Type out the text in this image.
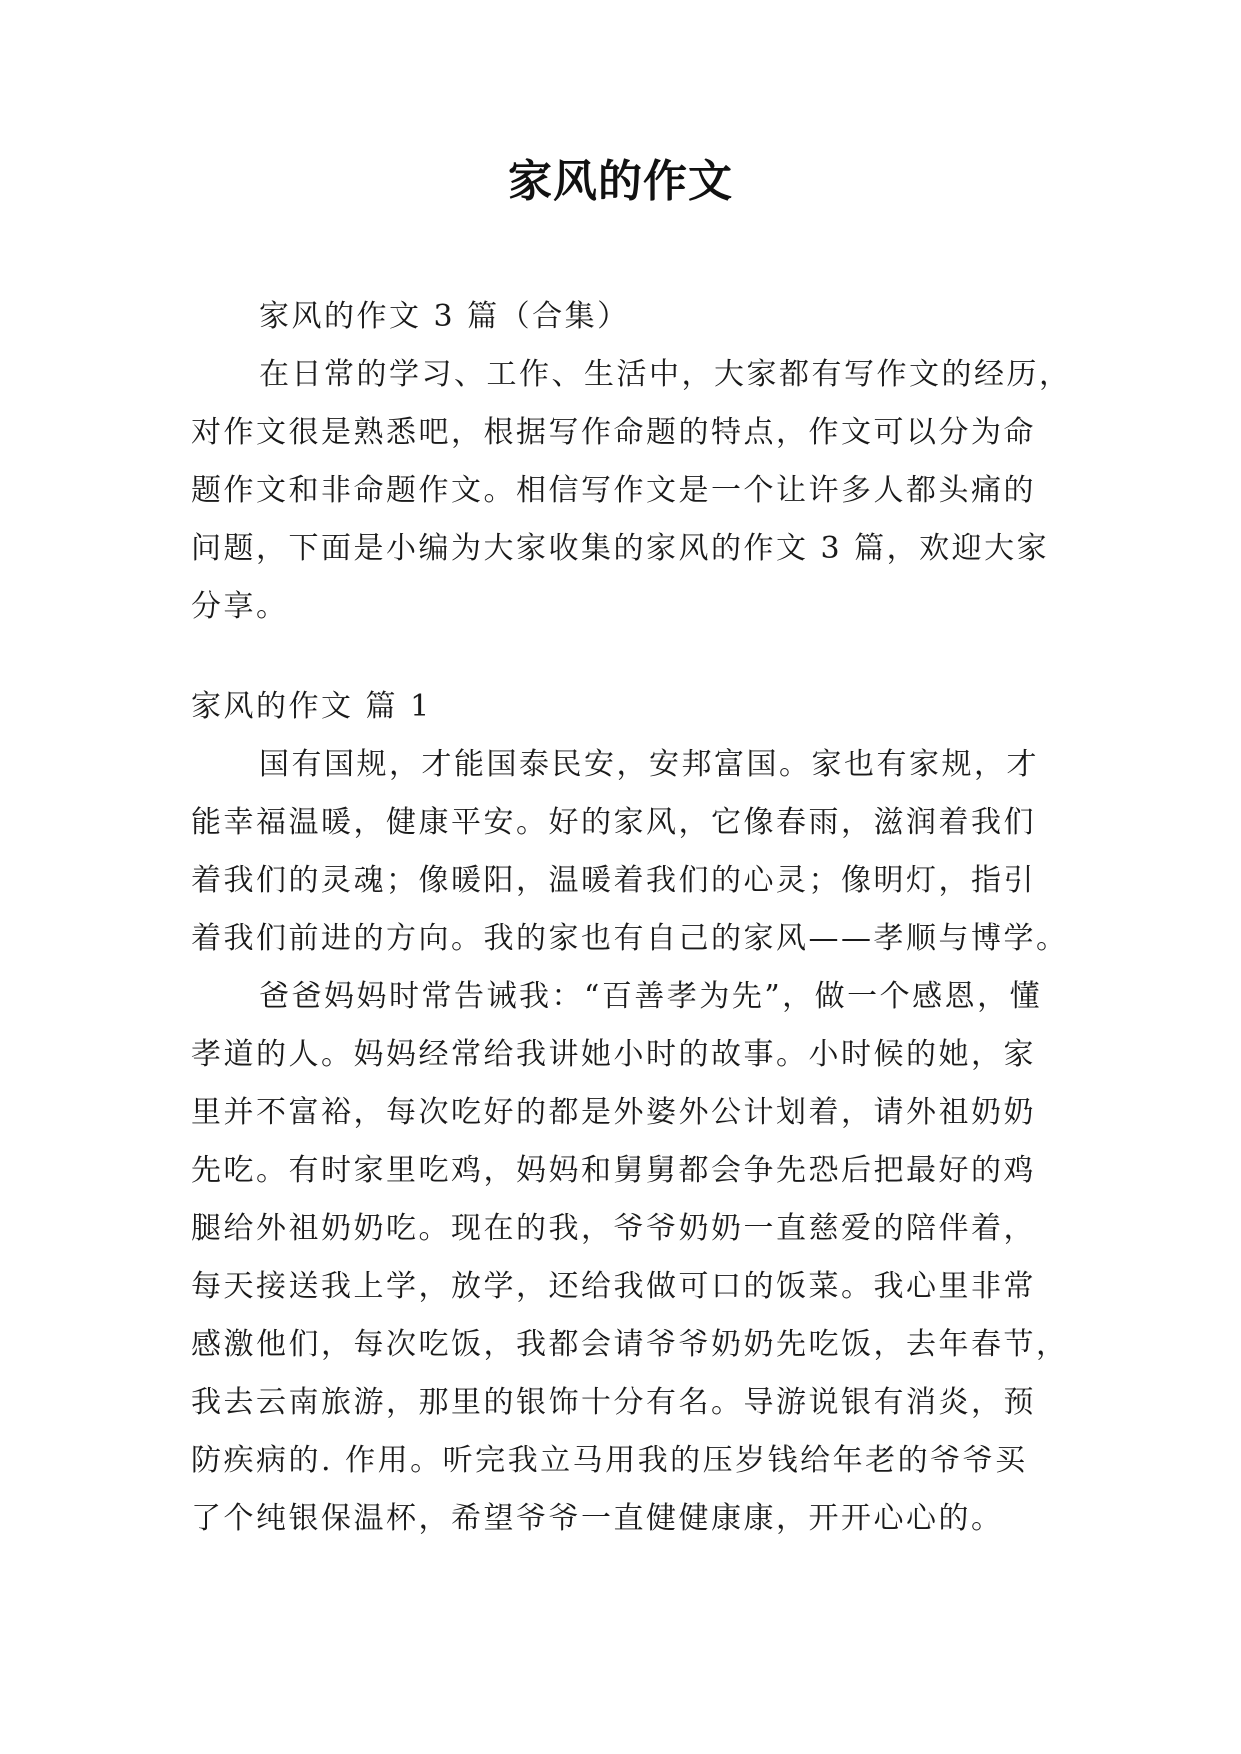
家风的作文
家风的作文 3 篇（合集）
在日常的学习、工作、生活中，大家都有写作文的经历，
对作文很是熟悉吧，根据写作命题的特点，作文可以分为命
题作文和非命题作文。相信写作文是一个让许多人都头痛的
问题，下面是小编为大家收集的家风的作文 3 篇，欢迎大家
分享。
家风的作文 篇 1
国有国规，才能国泰民安，安邦富国。家也有家规，才
能幸福温暖，健康平安。好的家风，它像春雨，滋润着我们
着我们的灵魂；像暖阳，温暖着我们的心灵；像明灯，指引
着我们前进的方向。我的家也有自己的家风——孝顺与博学。
爸爸妈妈时常告诫我：“百善孝为先”，做一个感恩，懂
孝道的人。妈妈经常给我讲她小时的故事。小时候的她，家
里并不富裕，每次吃好的都是外婆外公计划着，请外祖奶奶
先吃。有时家里吃鸡，妈妈和舅舅都会争先恐后把最好的鸡
腿给外祖奶奶吃。现在的我，爷爷奶奶一直慈爱的陪伴着，
每天接送我上学，放学，还给我做可口的饭菜。我心里非常
感激他们，每次吃饭，我都会请爷爷奶奶先吃饭，去年春节，
我去云南旅游，那里的银饰十分有名。导游说银有消炎，预
防疾病的. 作用。听完我立马用我的压岁钱给年老的爷爷买
了个纯银保温杯，希望爷爷一直健健康康，开开心心的。
